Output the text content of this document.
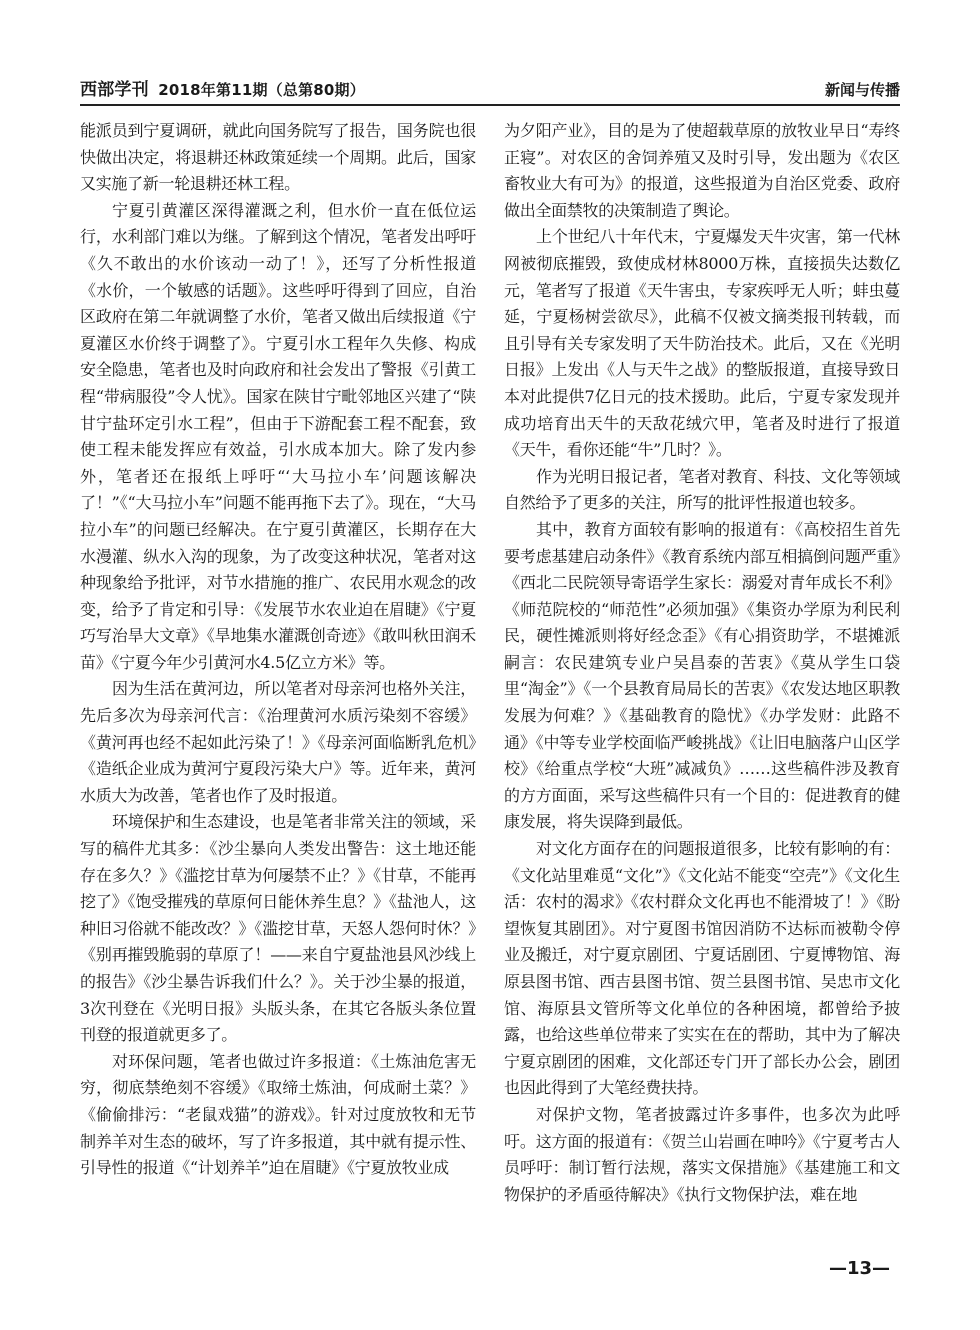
西部学刊 2018年第11期（总第80期）	新闻与传播

能派员到宁夏调研，就此向国务院写了报告，国务院也很快做出决定，将退耕还林政策延续一个周期。此后，国家又实施了新一轮退耕还林工程。

宁夏引黄灌区深得灌溉之利，但水价一直在低位运行，水利部门难以为继。了解到这个情况，笔者发出呼吁《久不敢出的水价该动一动了！》，还写了分析性报道《水价，一个敏感的话题》。这些呼吁得到了回应，自治区政府在第二年就调整了水价，笔者又做出后续报道《宁夏灌区水价终于调整了》。宁夏引水工程年久失修、构成安全隐患，笔者也及时向政府和社会发出了警报《引黄工程“带病服役”令人忧》。国家在陕甘宁毗邻地区兴建了“陕甘宁盐环定引水工程”，但由于下游配套工程不配套，致使工程未能发挥应有效益，引水成本加大。除了发内参外，笔者还在报纸上呼吁“‘大马拉小车’问题该解决了！”《“大马拉小车”问题不能再拖下去了》。现在，“大马拉小车”的问题已经解决。在宁夏引黄灌区，长期存在大水漫灌、纵水入沟的现象，为了改变这种状况，笔者对这种现象给予批评，对节水措施的推广、农民用水观念的改变，给予了肯定和引导：《发展节水农业迫在眉睫》《宁夏巧写治旱大文章》《旱地集水灌溉创奇迹》《敢叫秋田润禾苗》《宁夏今年少引黄河水4.5亿立方米》等。

因为生活在黄河边，所以笔者对母亲河也格外关注，先后多次为母亲河代言：《治理黄河水质污染刻不容缓》《黄河再也经不起如此污染了！》《母亲河面临断乳危机》《造纸企业成为黄河宁夏段污染大户》等。近年来，黄河水质大为改善，笔者也作了及时报道。

环境保护和生态建设，也是笔者非常关注的领域，采写的稿件尤其多：《沙尘暴向人类发出警告：这土地还能存在多久？》《滥挖甘草为何屡禁不止？》《甘草，不能再挖了》《饱受摧残的草原何日能休养生息？》《盐池人，这种旧习俗就不能改改？》《滥挖甘草，天怒人怨何时休？》《别再摧毁脆弱的草原了！——来自宁夏盐池县风沙线上的报告》《沙尘暴告诉我们什么？》。关于沙尘暴的报道，3次刊登在《光明日报》头版头条，在其它各版头条位置刊登的报道就更多了。

对环保问题，笔者也做过许多报道：《土炼油危害无穷，彻底禁绝刻不容缓》《取缔土炼油，何成耐土菜？》《偷偷排污：“老鼠戏猫”的游戏》。针对过度放牧和无节制养羊对生态的破坏，写了许多报道，其中就有提示性、引导性的报道《“计划养羊”迫在眉睫》《宁夏放牧业成

为夕阳产业》，目的是为了使超载草原的放牧业早日“寿终正寝”。对农区的舍饲养殖又及时引导，发出题为《农区畜牧业大有可为》的报道，这些报道为自治区党委、政府做出全面禁牧的决策制造了舆论。

上个世纪八十年代末，宁夏爆发天牛灾害，第一代林网被彻底摧毁，致使成材林8000万株，直接损失达数亿元，笔者写了报道《天牛害虫，专家疾呼无人听；蚌虫蔓延，宁夏杨树尝欲尽》，此稿不仅被文摘类报刊转载，而且引导有关专家发明了天牛防治技术。此后，又在《光明日报》上发出《人与天牛之战》的整版报道，直接导致日本对此提供7亿日元的技术援助。此后，宁夏专家发现并成功培育出天牛的天敌花绒穴甲，笔者及时进行了报道《天牛，看你还能“牛”几时？》。

作为光明日报记者，笔者对教育、科技、文化等领域自然给予了更多的关注，所写的批评性报道也较多。

其中，教育方面较有影响的报道有：《高校招生首先要考虑基建启动条件》《教育系统内部互相搞倒问题严重》《西北二民院领导寄语学生家长：溺爱对青年成长不利》《师范院校的“师范性”必须加强》《集资办学原为利民利民，硬性摊派则将好经念歪》《有心捐资助学，不堪摊派嗣言：农民建筑专业户吴昌泰的苦衷》《莫从学生口袋里“淘金”》《一个县教育局局长的苦衷》《农发达地区职教发展为何难？》《基础教育的隐忧》《办学发财：此路不通》《中等专业学校面临严峻挑战》《让旧电脑落户山区学校》《给重点学校“大班”减减负》……这些稿件涉及教育的方方面面，采写这些稿件只有一个目的：促进教育的健康发展，将失误降到最低。

对文化方面存在的问题报道很多，比较有影响的有：《文化站里难觅“文化”》《文化站不能变“空壳”》《文化生活：农村的渴求》《农村群众文化再也不能滑坡了！》《盼望恢复其剧团》。对宁夏图书馆因消防不达标而被勒令停业及搬迁，对宁夏京剧团、宁夏话剧团、宁夏博物馆、海原县图书馆、西吉县图书馆、贺兰县图书馆、吴忠市文化馆、海原县文管所等文化单位的各种困境，都曾给予披露，也给这些单位带来了实实在在的帮助，其中为了解决宁夏京剧团的困难，文化部还专门开了部长办公会，剧团也因此得到了大笔经费扶持。

对保护文物，笔者披露过许多事件，也多次为此呼吁。这方面的报道有：《贺兰山岩画在呻吟》《宁夏考古人员呼吁：制订暂行法规，落实文保措施》《基建施工和文物保护的矛盾亟待解决》《执行文物保护法，难在地

—13—
